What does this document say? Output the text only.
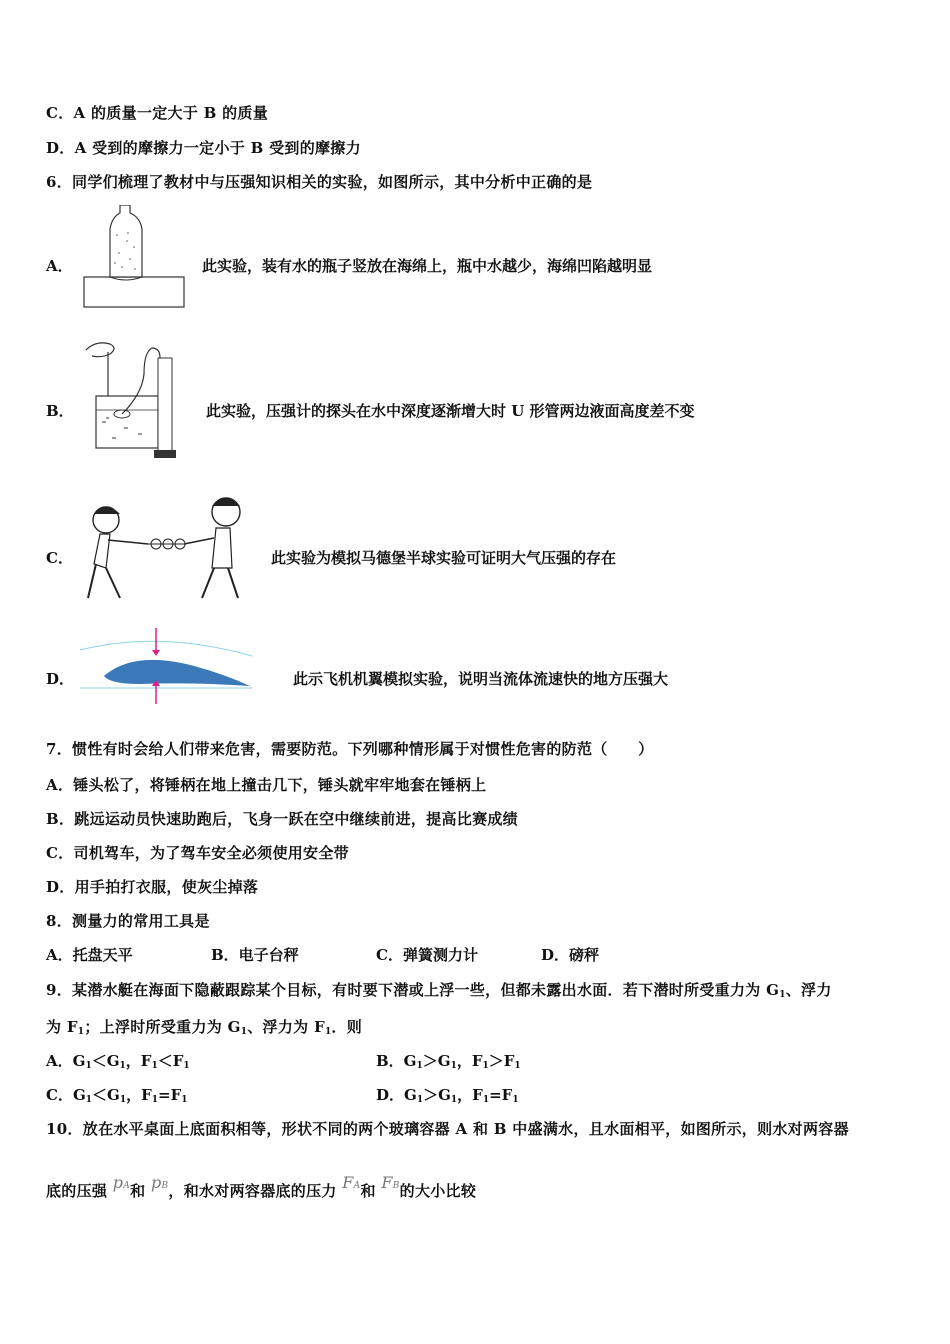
C．A 的质量一定大于 B 的质量
D．A 受到的摩擦力一定小于 B 受到的摩擦力
6．同学们梳理了教材中与压强知识相关的实验，如图所示，其中分析中正确的是
A．	此实验，装有水的瓶子竖放在海绵上，瓶中水越少，海绵凹陷越明显
B．	此实验，压强计的探头在水中深度逐渐增大时 U 形管两边液面高度差不变
C．	此实验为模拟马德堡半球实验可证明大气压强的存在
D．	此示飞机机翼模拟实验，说明当流体流速快的地方压强大
7．惯性有时会给人们带来危害，需要防范。下列哪种情形属于对惯性危害的防范（　　）
A．锤头松了，将锤柄在地上撞击几下，锤头就牢牢地套在锤柄上
B．跳远运动员快速助跑后，飞身一跃在空中继续前进，提高比赛成绩
C．司机驾车，为了驾车安全必须使用安全带
D．用手拍打衣服，使灰尘掉落
8．测量力的常用工具是
A．托盘天平	B．电子台秤	C．弹簧测力计	D．磅秤
9．某潜水艇在海面下隐蔽跟踪某个目标，有时要下潜或上浮一些，但都未露出水面．若下潜时所受重力为 $G_1$、浮力
为 $F_1$；上浮时所受重力为 $G_1$、浮力为 $F_1$．则
A．$G_1<G_1$，$F_1<F_1$	B．$G_1>G_1$，$F_1>F_1$
C．$G_1<G_1$，$F_1=F_1$	D．$G_1>G_1$，$F_1=F_1$
10．放在水平桌面上底面积相等，形状不同的两个玻璃容器 A 和 B 中盛满水，且水面相平，如图所示，则水对两容器
底的压强 pA和 pB，和水对两容器底的压力 FA和 FB的大小比较
